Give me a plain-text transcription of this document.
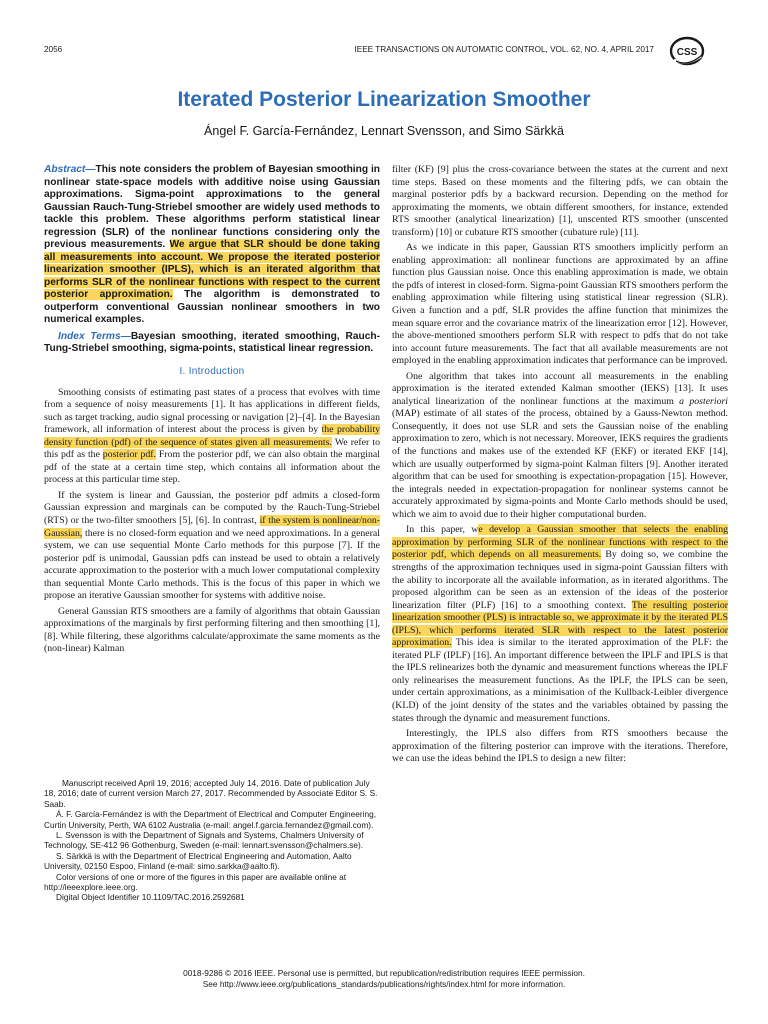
2056	IEEE TRANSACTIONS ON AUTOMATIC CONTROL, VOL. 62, NO. 4, APRIL 2017 CSS
Iterated Posterior Linearization Smoother
Ángel F. García-Fernández, Lennart Svensson, and Simo Särkkä

Abstract—This note considers the problem of Bayesian smoothing in nonlinear state-space models with additive noise using Gaussian approximations. Sigma-point approximations to the general Gaussian Rauch-Tung-Striebel smoother are widely used methods to tackle this problem. These algorithms perform statistical linear regression (SLR) of the nonlinear functions considering only the previous measurements. We argue that SLR should be done taking all measurements into account. We propose the iterated posterior linearization smoother (IPLS), which is an iterated algorithm that performs SLR of the nonlinear functions with respect to the current posterior approximation. The algorithm is demonstrated to outperform conventional Gaussian nonlinear smoothers in two numerical examples.

Index Terms—Bayesian smoothing, iterated smoothing, Rauch-Tung-Striebel smoothing, sigma-points, statistical linear regression.

I. Introduction

Smoothing consists of estimating past states of a process that evolves with time from a sequence of noisy measurements [1]. It has applications in different fields, such as target tracking, audio signal processing or navigation [2]–[4]. In the Bayesian framework, all information of interest about the process is given by the probability density function (pdf) of the sequence of states given all measurements. We refer to this pdf as the posterior pdf. From the posterior pdf, we can also obtain the marginal pdf of the state at a certain time step, which contains all information about the process at this particular time step.

If the system is linear and Gaussian, the posterior pdf admits a closed-form Gaussian expression and marginals can be computed by the Rauch-Tung-Striebel (RTS) or the two-filter smoothers [5], [6]. In contrast, if the system is nonlinear/non-Gaussian, there is no closed-form equation and we need approximations. In a general system, we can use sequential Monte Carlo methods for this purpose [7]. If the posterior pdf is unimodal, Gaussian pdfs can instead be used to obtain a relatively accurate approximation to the posterior with a much lower computational complexity than sequential Monte Carlo methods. This is the focus of this paper in which we propose an iterative Gaussian smoother for systems with additive noise.

General Gaussian RTS smoothers are a family of algorithms that obtain Gaussian approximations of the marginals by first performing filtering and then smoothing [1], [8]. While filtering, these algorithms calculate/approximate the same moments as the (non-linear) Kalman

filter (KF) [9] plus the cross-covariance between the states at the current and next time steps. Based on these moments and the filtering pdfs, we can obtain the marginal posterior pdfs by a backward recursion. Depending on the method for approximating the moments, we obtain different smoothers, for instance, extended RTS smoother (analytical linearization) [1], unscented RTS smoother (unscented transform) [10] or cubature RTS smoother (cubature rule) [11].

As we indicate in this paper, Gaussian RTS smoothers implicitly perform an enabling approximation: all nonlinear functions are approximated by an affine function plus Gaussian noise. Once this enabling approximation is made, we obtain the pdfs of interest in closed-form. Sigma-point Gaussian RTS smoothers perform the enabling approximation while filtering using statistical linear regression (SLR). Given a function and a pdf, SLR provides the affine function that minimizes the mean square error and the covariance matrix of the linearization error [12]. However, the above-mentioned smoothers perform SLR with respect to pdfs that do not take into account future measurements. The fact that all available measurements are not employed in the enabling approximation indicates that performance can be improved.

One algorithm that takes into account all measurements in the enabling approximation is the iterated extended Kalman smoother (IEKS) [13]. It uses analytical linearization of the nonlinear functions at the maximum a posteriori (MAP) estimate of all states of the process, obtained by a Gauss-Newton method. Consequently, it does not use SLR and sets the Gaussian noise of the enabling approximation to zero, which is not necessary. Moreover, IEKS requires the gradients of the functions and makes use of the extended KF (EKF) or iterated EKF [14], which are usually outperformed by sigma-point Kalman filters [9]. Another iterated algorithm that can be used for smoothing is expectation-propagation [15]. However, the integrals needed in expectation-propagation for nonlinear systems cannot be accurately approximated by sigma-points and Monte Carlo methods should be used, which we aim to avoid due to their higher computational burden.

In this paper, we develop a Gaussian smoother that selects the enabling approximation by performing SLR of the nonlinear functions with respect to the posterior pdf, which depends on all measurements. By doing so, we combine the strengths of the approximation techniques used in sigma-point Gaussian filters with the ability to incorporate all the available information, as in iterated algorithms. The proposed algorithm can be seen as an extension of the ideas of the posterior linearization filter (PLF) [16] to a smoothing context. The resulting posterior linearization smoother (PLS) is intractable so, we approximate it by the iterated PLS (IPLS), which performs iterated SLR with respect to the latest posterior approximation. This idea is similar to the iterated approximation of the PLF: the iterated PLF (IPLF) [16]. An important difference between the IPLF and IPLS is that the IPLS relinearizes both the dynamic and measurement functions whereas the IPLF only relinearises the measurement functions. As the IPLF, the IPLS can be seen, under certain approximations, as a minimisation of the Kullback-Leibler divergence (KLD) of the joint density of the states and the variables obtained by passing the states through the dynamic and measurement functions.

Interestingly, the IPLS also differs from RTS smoothers because the approximation of the filtering posterior can improve with the iterations. Therefore, we can use the ideas behind the IPLS to design a new filter:

Manuscript received April 19, 2016; accepted July 14, 2016. Date of publication July 18, 2016; date of current version March 27, 2017. Recommended by Associate Editor S. S. Saab.

Á. F. García-Fernández is with the Department of Electrical and Computer Engineering, Curtin University, Perth, WA 6102 Australia (e-mail: angel.f.garcia.fernandez@gmail.com).

L. Svensson is with the Department of Signals and Systems, Chalmers University of Technology, SE-412 96 Gothenburg, Sweden (e-mail: lennart.svensson@chalmers.se).

S. Särkkä is with the Department of Electrical Engineering and Automation, Aalto University, 02150 Espoo, Finland (e-mail: simo.sarkka@aalto.fi).

Color versions of one or more of the figures in this paper are available online at http://ieeexplore.ieee.org.

Digital Object Identifier 10.1109/TAC.2016.2592681

0018-9286 © 2016 IEEE. Personal use is permitted, but republication/redistribution requires IEEE permission.
See http://www.ieee.org/publications_standards/publications/rights/index.html for more information.
